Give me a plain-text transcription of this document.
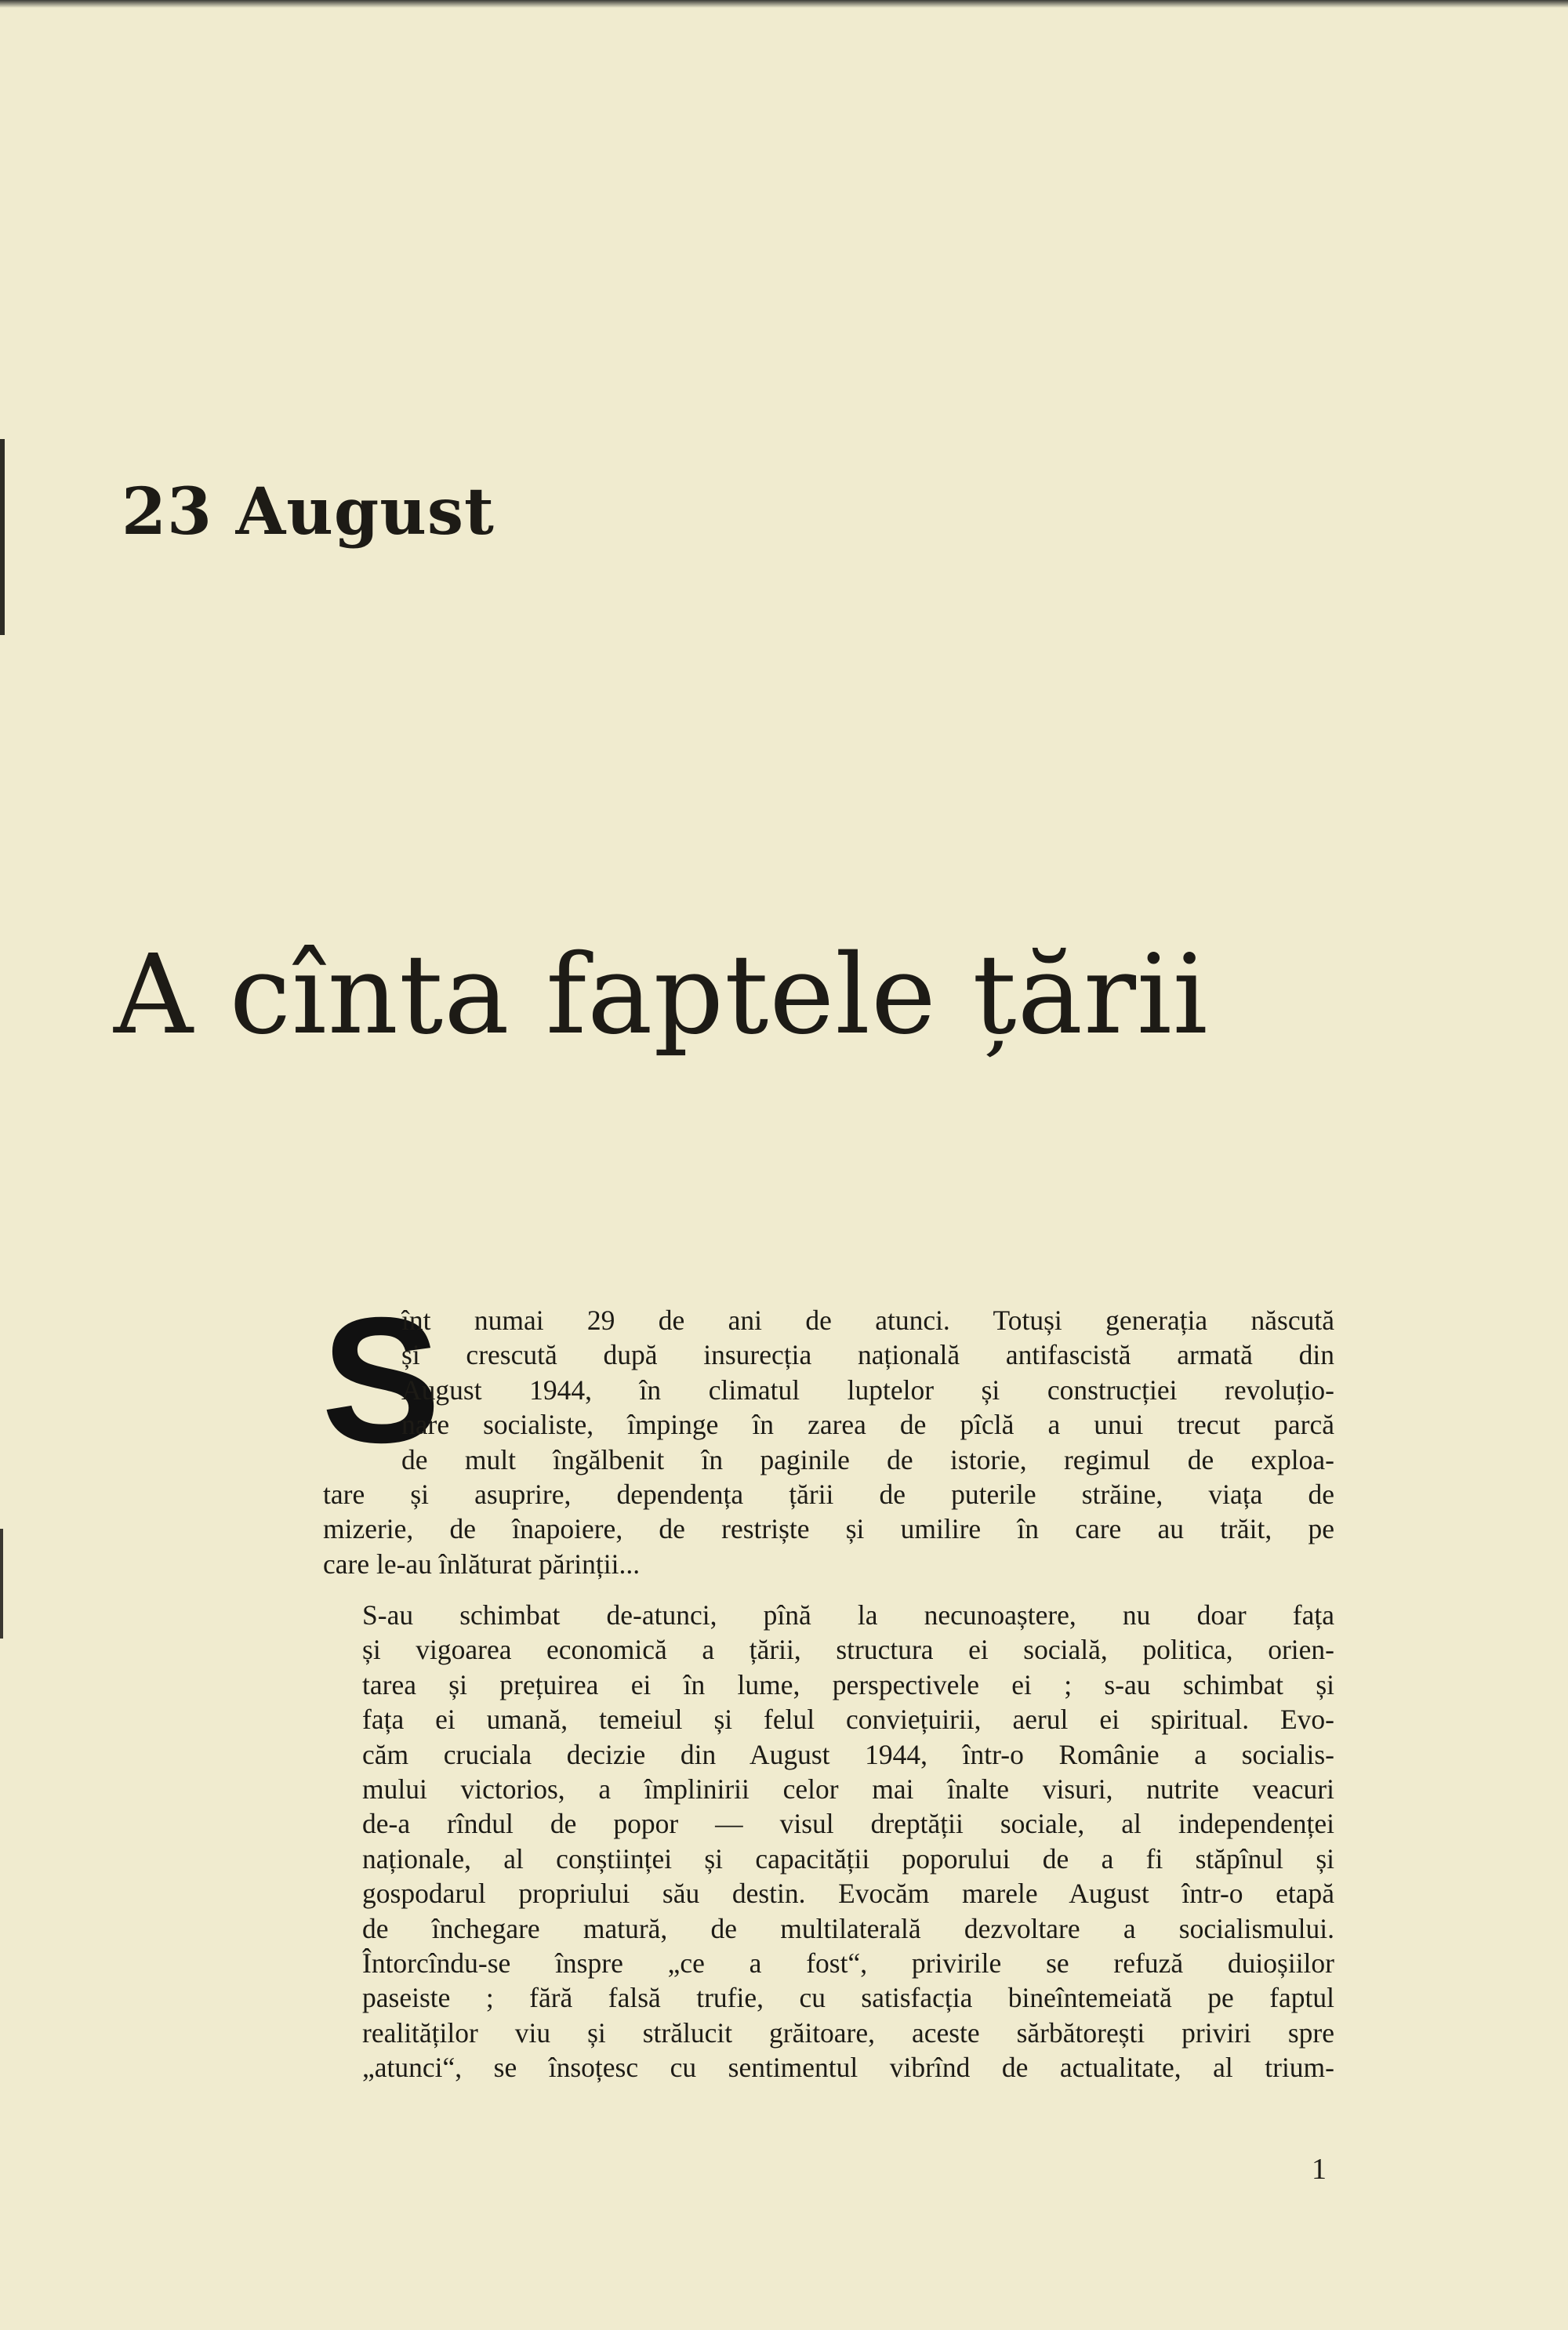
23 August
A cînta faptele țării
S
înt numai 29 de ani de atunci. Totuși generația născută
și crescută după insurecția națională antifascistă armată din
August 1944, în climatul luptelor și construcției revoluțio-
nare socialiste, împinge în zarea de pîclă a unui trecut parcă
de mult îngălbenit în paginile de istorie, regimul de exploa-
tare și asuprire, dependența țării de puterile străine, viața de
mizerie, de înapoiere, de restriște și umilire în care au trăit, pe
care le-au înlăturat părinții...
S-au schimbat de-atunci, pînă la necunoaștere, nu doar fața
și vigoarea economică a țării, structura ei socială, politica, orien-
tarea și prețuirea ei în lume, perspectivele ei ; s-au schimbat și
fața ei umană, temeiul și felul conviețuirii, aerul ei spiritual. Evo-
căm cruciala decizie din August 1944, într-o Românie a socialis-
mului victorios, a împlinirii celor mai înalte visuri, nutrite veacuri
de-a rîndul de popor — visul dreptății sociale, al independenței
naționale, al conștiinței și capacității poporului de a fi stăpînul și
gospodarul propriului său destin. Evocăm marele August într-o etapă
de închegare matură, de multilaterală dezvoltare a socialismului.
Întorcîndu-se înspre „ce a fost“, privirile se refuză duioșiilor
paseiste ; fără falsă trufie, cu satisfacția bineîntemeiată pe faptul
realităților viu și strălucit grăitoare, aceste sărbătorești priviri spre
„atunci“, se însoțesc cu sentimentul vibrînd de actualitate, al trium-
1
